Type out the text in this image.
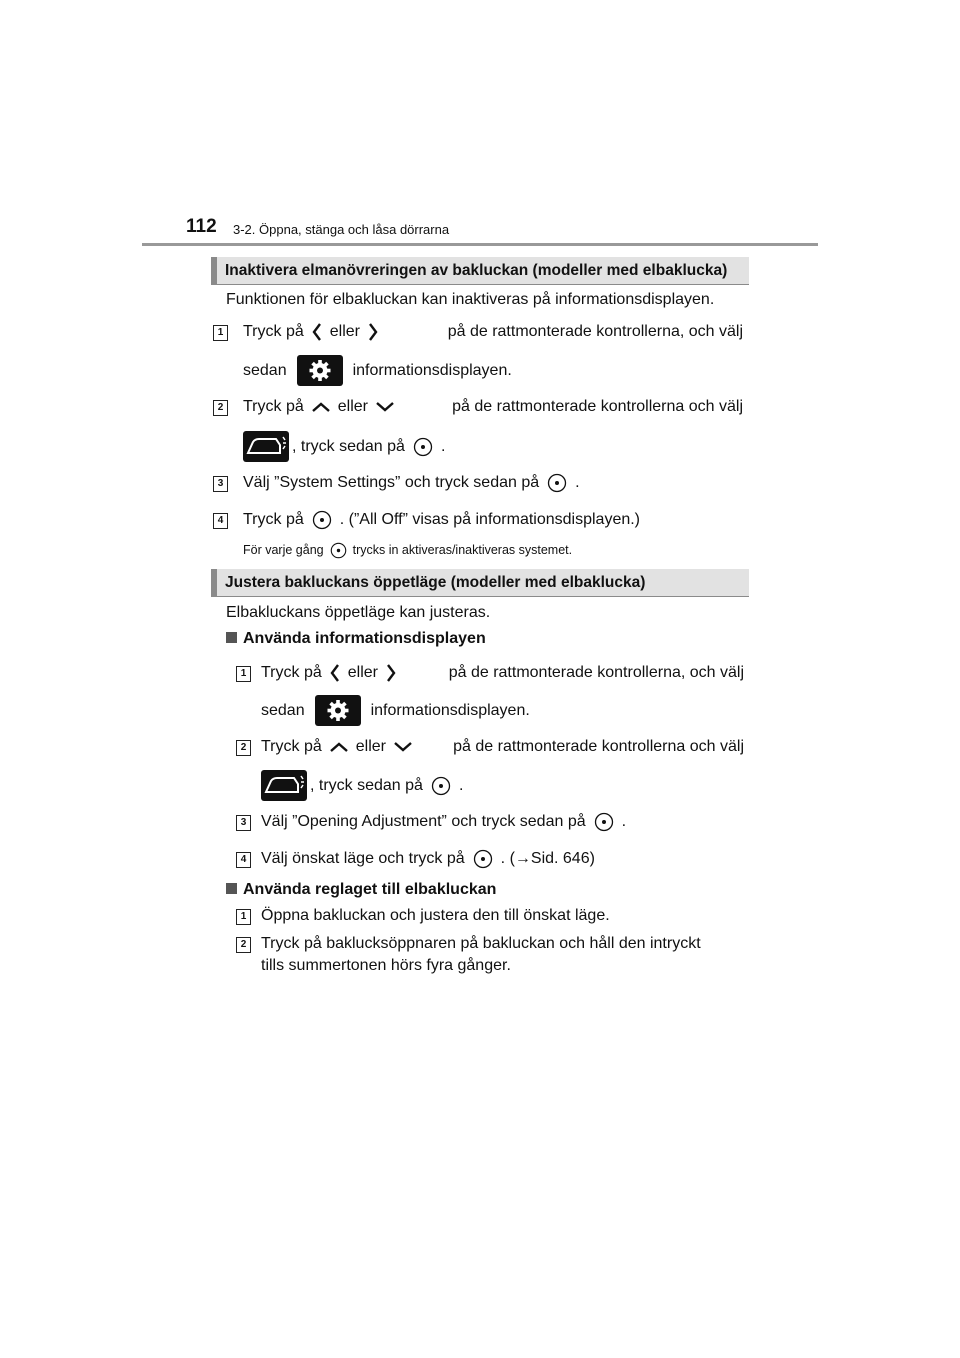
112 3-2. Öppna, stänga och låsa dörrarna
Inaktivera elmanövreringen av bakluckan (modeller med elbaklucka)
Funktionen för elbakluckan kan inaktiveras på informationsdisplayen.
1 Tryck på eller	på de rattmonterade kontrollerna, och välj
sedan	informationsdisplayen.
2 Tryck på eller	på de rattmonterade kontrollerna och välj
, tryck sedan på .
3 Välj ”System Settings” och tryck sedan på .
4 Tryck på . (”All Off” visas på informationsdisplayen.)
För varje gång trycks in aktiveras/inaktiveras systemet.
Justera bakluckans öppetläge (modeller med elbaklucka)
Elbakluckans öppetläge kan justeras.
Använda informationsdisplayen
1 Tryck på eller	på de rattmonterade kontrollerna, och välj
sedan	informationsdisplayen.
2 Tryck på eller	på de rattmonterade kontrollerna och välj
, tryck sedan på .
3 Välj ”Opening Adjustment” och tryck sedan på .
4 Välj önskat läge och tryck på . (→Sid. 646)
Använda reglaget till elbakluckan
1 Öppna bakluckan och justera den till önskat läge.
2 Tryck på baklucksöppnaren på bakluckan och håll den intryckt
tills summertonen hörs fyra gånger.
